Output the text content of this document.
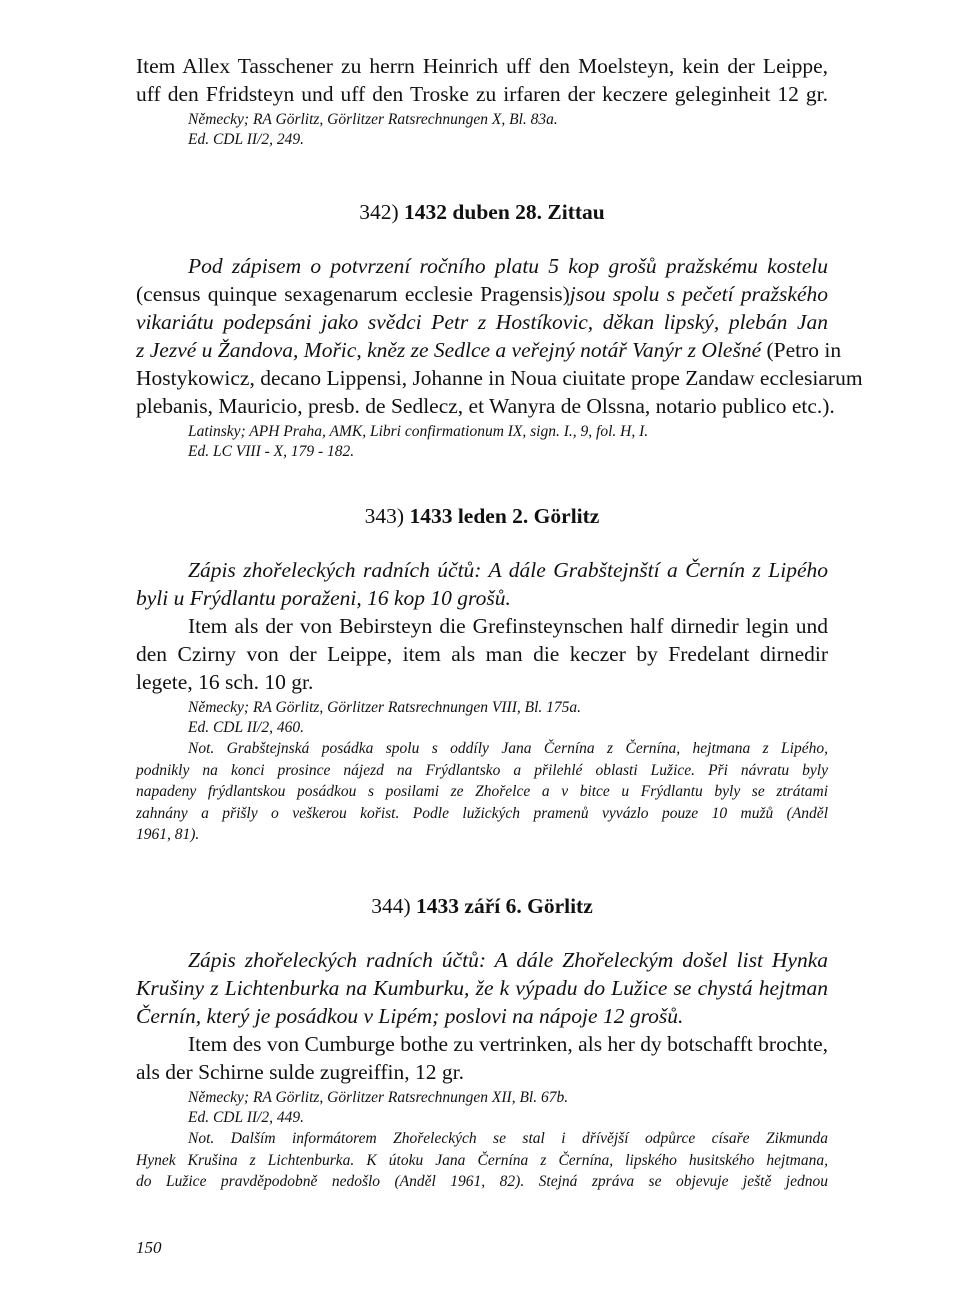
Item Allex Tasschener zu herrn Heinrich uff den Moelsteyn, kein der Leippe,
uff den Ffridsteyn und uff den Troske zu irfaren der keczere geleginheit 12 gr.
Německy; RA Görlitz, Görlitzer Ratsrechnungen X, Bl. 83a.
Ed. CDL II/2, 249.
342) 1432 duben 28. Zittau
Pod zápisem o potvrzení ročního platu 5 kop grošů pražskému kostelu
(census quinque sexagenarum ecclesie Pragensis)jsou spolu s pečetí pražského
vikariátu podepsáni jako svědci Petr z Hostíkovic, děkan lipský, plebán Jan
z Jezvé u Žandova, Mořic, kněz ze Sedlce a veřejný notář Vanýr z Olešné (Petro in
Hostykowicz, decano Lippensi, Johanne in Noua ciuitate prope Zandaw ecclesiarum
plebanis, Mauricio, presb. de Sedlecz, et Wanyra de Olssna, notario publico etc.).
Latinsky; APH Praha, AMK, Libri confirmationum IX, sign. I., 9, fol. H, I.
Ed. LC VIII - X, 179 - 182.
343) 1433 leden 2. Görlitz
Zápis zhořeleckých radních účtů: A dále Grabštejnští a Černín z Lipého
byli u Frýdlantu poraženi, 16 kop 10 grošů.
Item als der von Bebirsteyn die Grefinsteynschen half dirnedir legin und
den Czirny von der Leippe, item als man die keczer by Fredelant dirnedir
legete, 16 sch. 10 gr.
Německy; RA Görlitz, Görlitzer Ratsrechnungen VIII, Bl. 175a.
Ed. CDL II/2, 460.
Not. Grabštejnská posádka spolu s oddíly Jana Černína z Černína, hejtmana z Lipého,
podnikly na konci prosince nájezd na Frýdlantsko a přilehlé oblasti Lužice. Při návratu byly
napadeny frýdlantskou posádkou s posilami ze Zhořelce a v bitce u Frýdlantu byly se ztrátami
zahnány a přišly o veškerou kořist. Podle lužických pramenů vyvázlo pouze 10 mužů (Anděl
1961, 81).
344) 1433 září 6. Görlitz
Zápis zhořeleckých radních účtů: A dále Zhořeleckým došel list Hynka
Krušiny z Lichtenburka na Kumburku, že k výpadu do Lužice se chystá hejtman
Černín, který je posádkou v Lipém; poslovi na nápoje 12 grošů.
Item des von Cumburge bothe zu vertrinken, als her dy botschafft brochte,
als der Schirne sulde zugreiffin, 12 gr.
Německy; RA Görlitz, Görlitzer Ratsrechnungen XII, Bl. 67b.
Ed. CDL II/2, 449.
Not. Dalším informátorem Zhořeleckých se stal i dřívější odpůrce císaře Zikmunda
Hynek Krušina z Lichtenburka. K útoku Jana Černína z Černína, lipského husitského hejtmana,
do Lužice pravděpodobně nedošlo (Anděl 1961, 82). Stejná zpráva se objevuje ještě jednou
150
